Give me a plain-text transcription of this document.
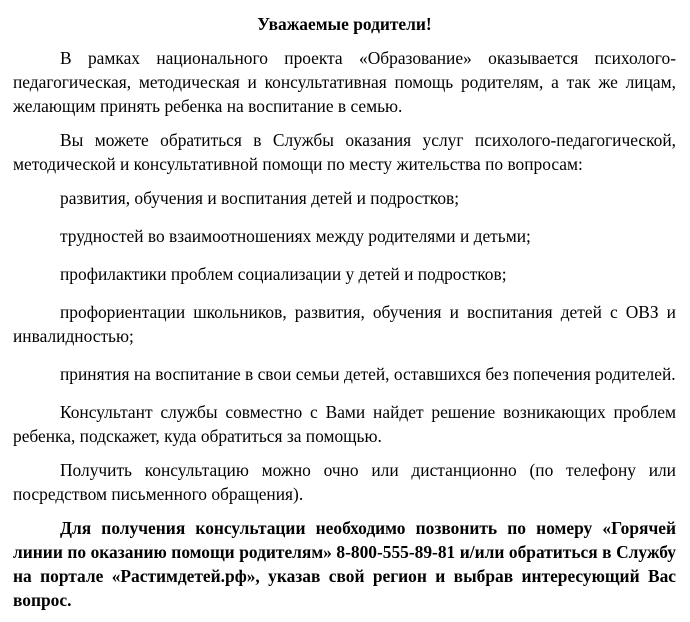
Уважаемые родители!

В рамках национального проекта «Образование» оказывается психолого-педагогическая, методическая и консультативная помощь родителям, а так же лицам, желающим принять ребенка на воспитание в семью.

Вы можете обратиться в Службы оказания услуг психолого-педагогической, методической и консультативной помощи по месту жительства по вопросам:

развития, обучения и воспитания детей и подростков;

трудностей во взаимоотношениях между родителями и детьми;

профилактики проблем социализации у детей и подростков;

профориентации школьников, развития, обучения и воспитания детей с ОВЗ и инвалидностью;

принятия на воспитание в свои семьи детей, оставшихся без попечения родителей.

Консультант службы совместно с Вами найдет решение возникающих проблем ребенка, подскажет, куда обратиться за помощью.

Получить консультацию можно очно или дистанционно (по телефону или посредством письменного обращения).

Для получения консультации необходимо позвонить по номеру «Горячей линии по оказанию помощи родителям» 8-800-555-89-81 и/или обратиться в Службу на портале «Растимдетей.рф», указав свой регион и выбрав интересующий Вас вопрос.
